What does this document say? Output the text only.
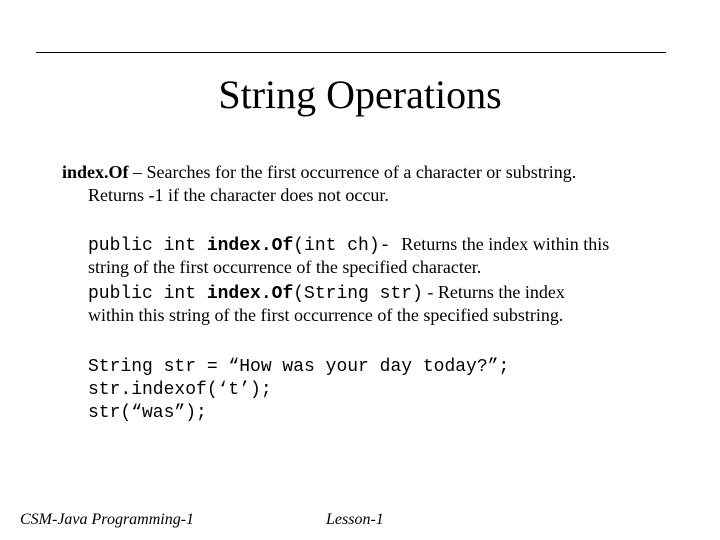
String Operations
index.Of – Searches for the first occurrence of a character or substring.
Returns -1 if the character does not occur.
public int index.Of(int ch)- Returns the index within this
string of the first occurrence of the specified character.
public int index.Of(String str) - Returns the index
within this string of the first occurrence of the specified substring.
String str = “How was your day today?”;
str.indexof(‘t’);
str(“was”);
CSM-Java Programming-1	Lesson-1
